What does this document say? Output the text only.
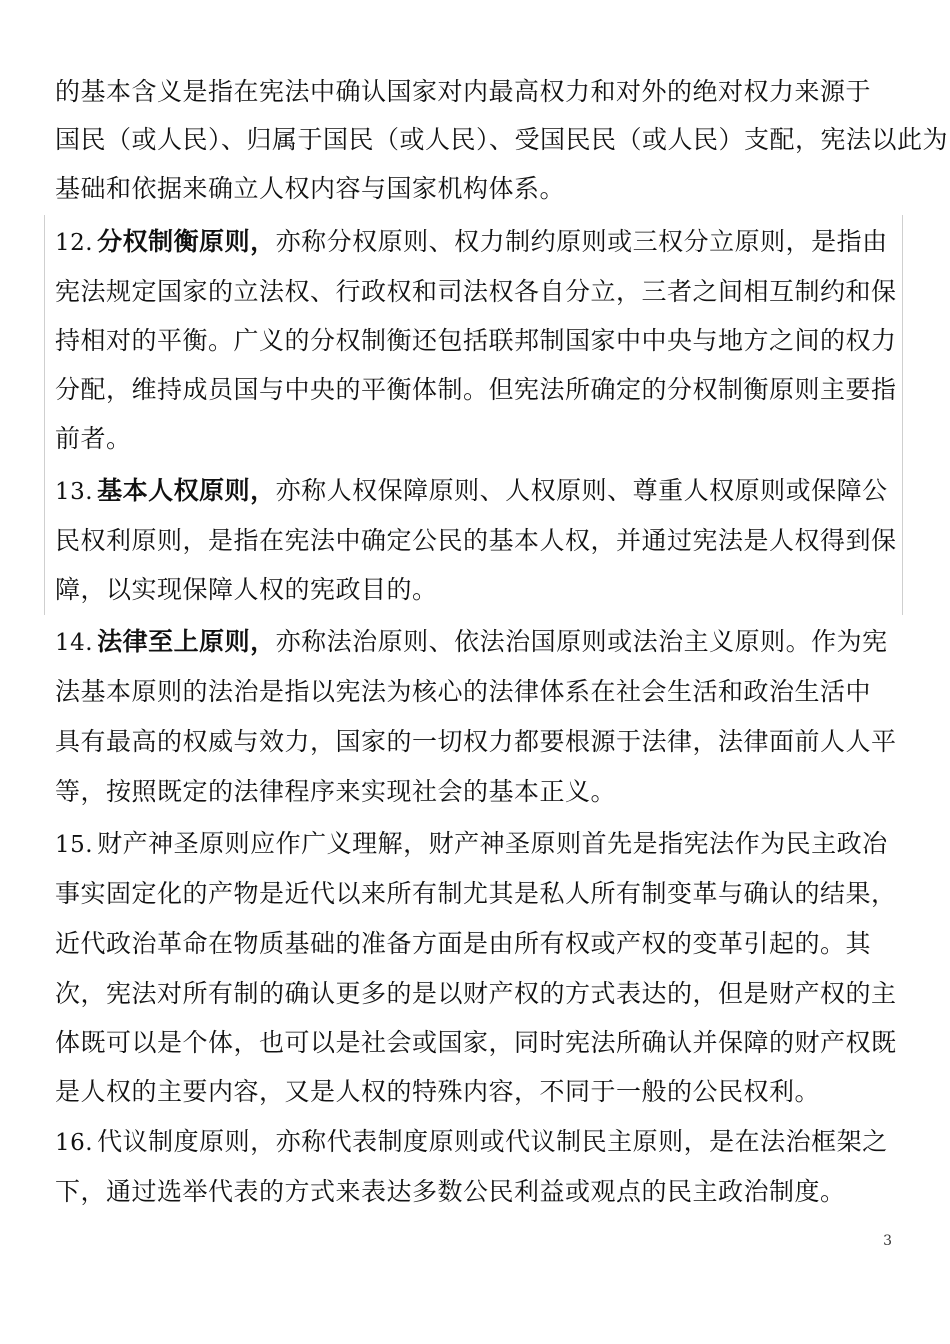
的基本含义是指在宪法中确认国家对内最高权力和对外的绝对权力来源于
国民（或人民）、归属于国民（或人民）、受国民民（或人民）支配，宪法以此为
基础和依据来确立人权内容与国家机构体系。
12. 分权制衡原则，亦称分权原则、权力制约原则或三权分立原则，是指由
宪法规定国家的立法权、行政权和司法权各自分立，三者之间相互制约和保
持相对的平衡。广义的分权制衡还包括联邦制国家中中央与地方之间的权力
分配，维持成员国与中央的平衡体制。但宪法所确定的分权制衡原则主要指
前者。
13. 基本人权原则，亦称人权保障原则、人权原则、尊重人权原则或保障公
民权利原则，是指在宪法中确定公民的基本人权，并通过宪法是人权得到保
障，以实现保障人权的宪政目的。
14. 法律至上原则，亦称法治原则、依法治国原则或法治主义原则。作为宪
法基本原则的法治是指以宪法为核心的法律体系在社会生活和政治生活中
具有最高的权威与效力，国家的一切权力都要根源于法律，法律面前人人平
等，按照既定的法律程序来实现社会的基本正义。
15. 财产神圣原则应作广义理解，财产神圣原则首先是指宪法作为民主政冶
事实固定化的产物是近代以来所有制尤其是私人所有制变革与确认的结果，
近代政治革命在物质基础的准备方面是由所有权或产权的变革引起的。其
次，宪法对所有制的确认更多的是以财产权的方式表达的，但是财产权的主
体既可以是个体，也可以是社会或国家，同时宪法所确认并保障的财产权既
是人权的主要内容，又是人权的特殊内容，不同于一般的公民权利。
16. 代议制度原则，亦称代表制度原则或代议制民主原则，是在法治框架之
下，通过选举代表的方式来表达多数公民利益或观点的民主政治制度。
3
